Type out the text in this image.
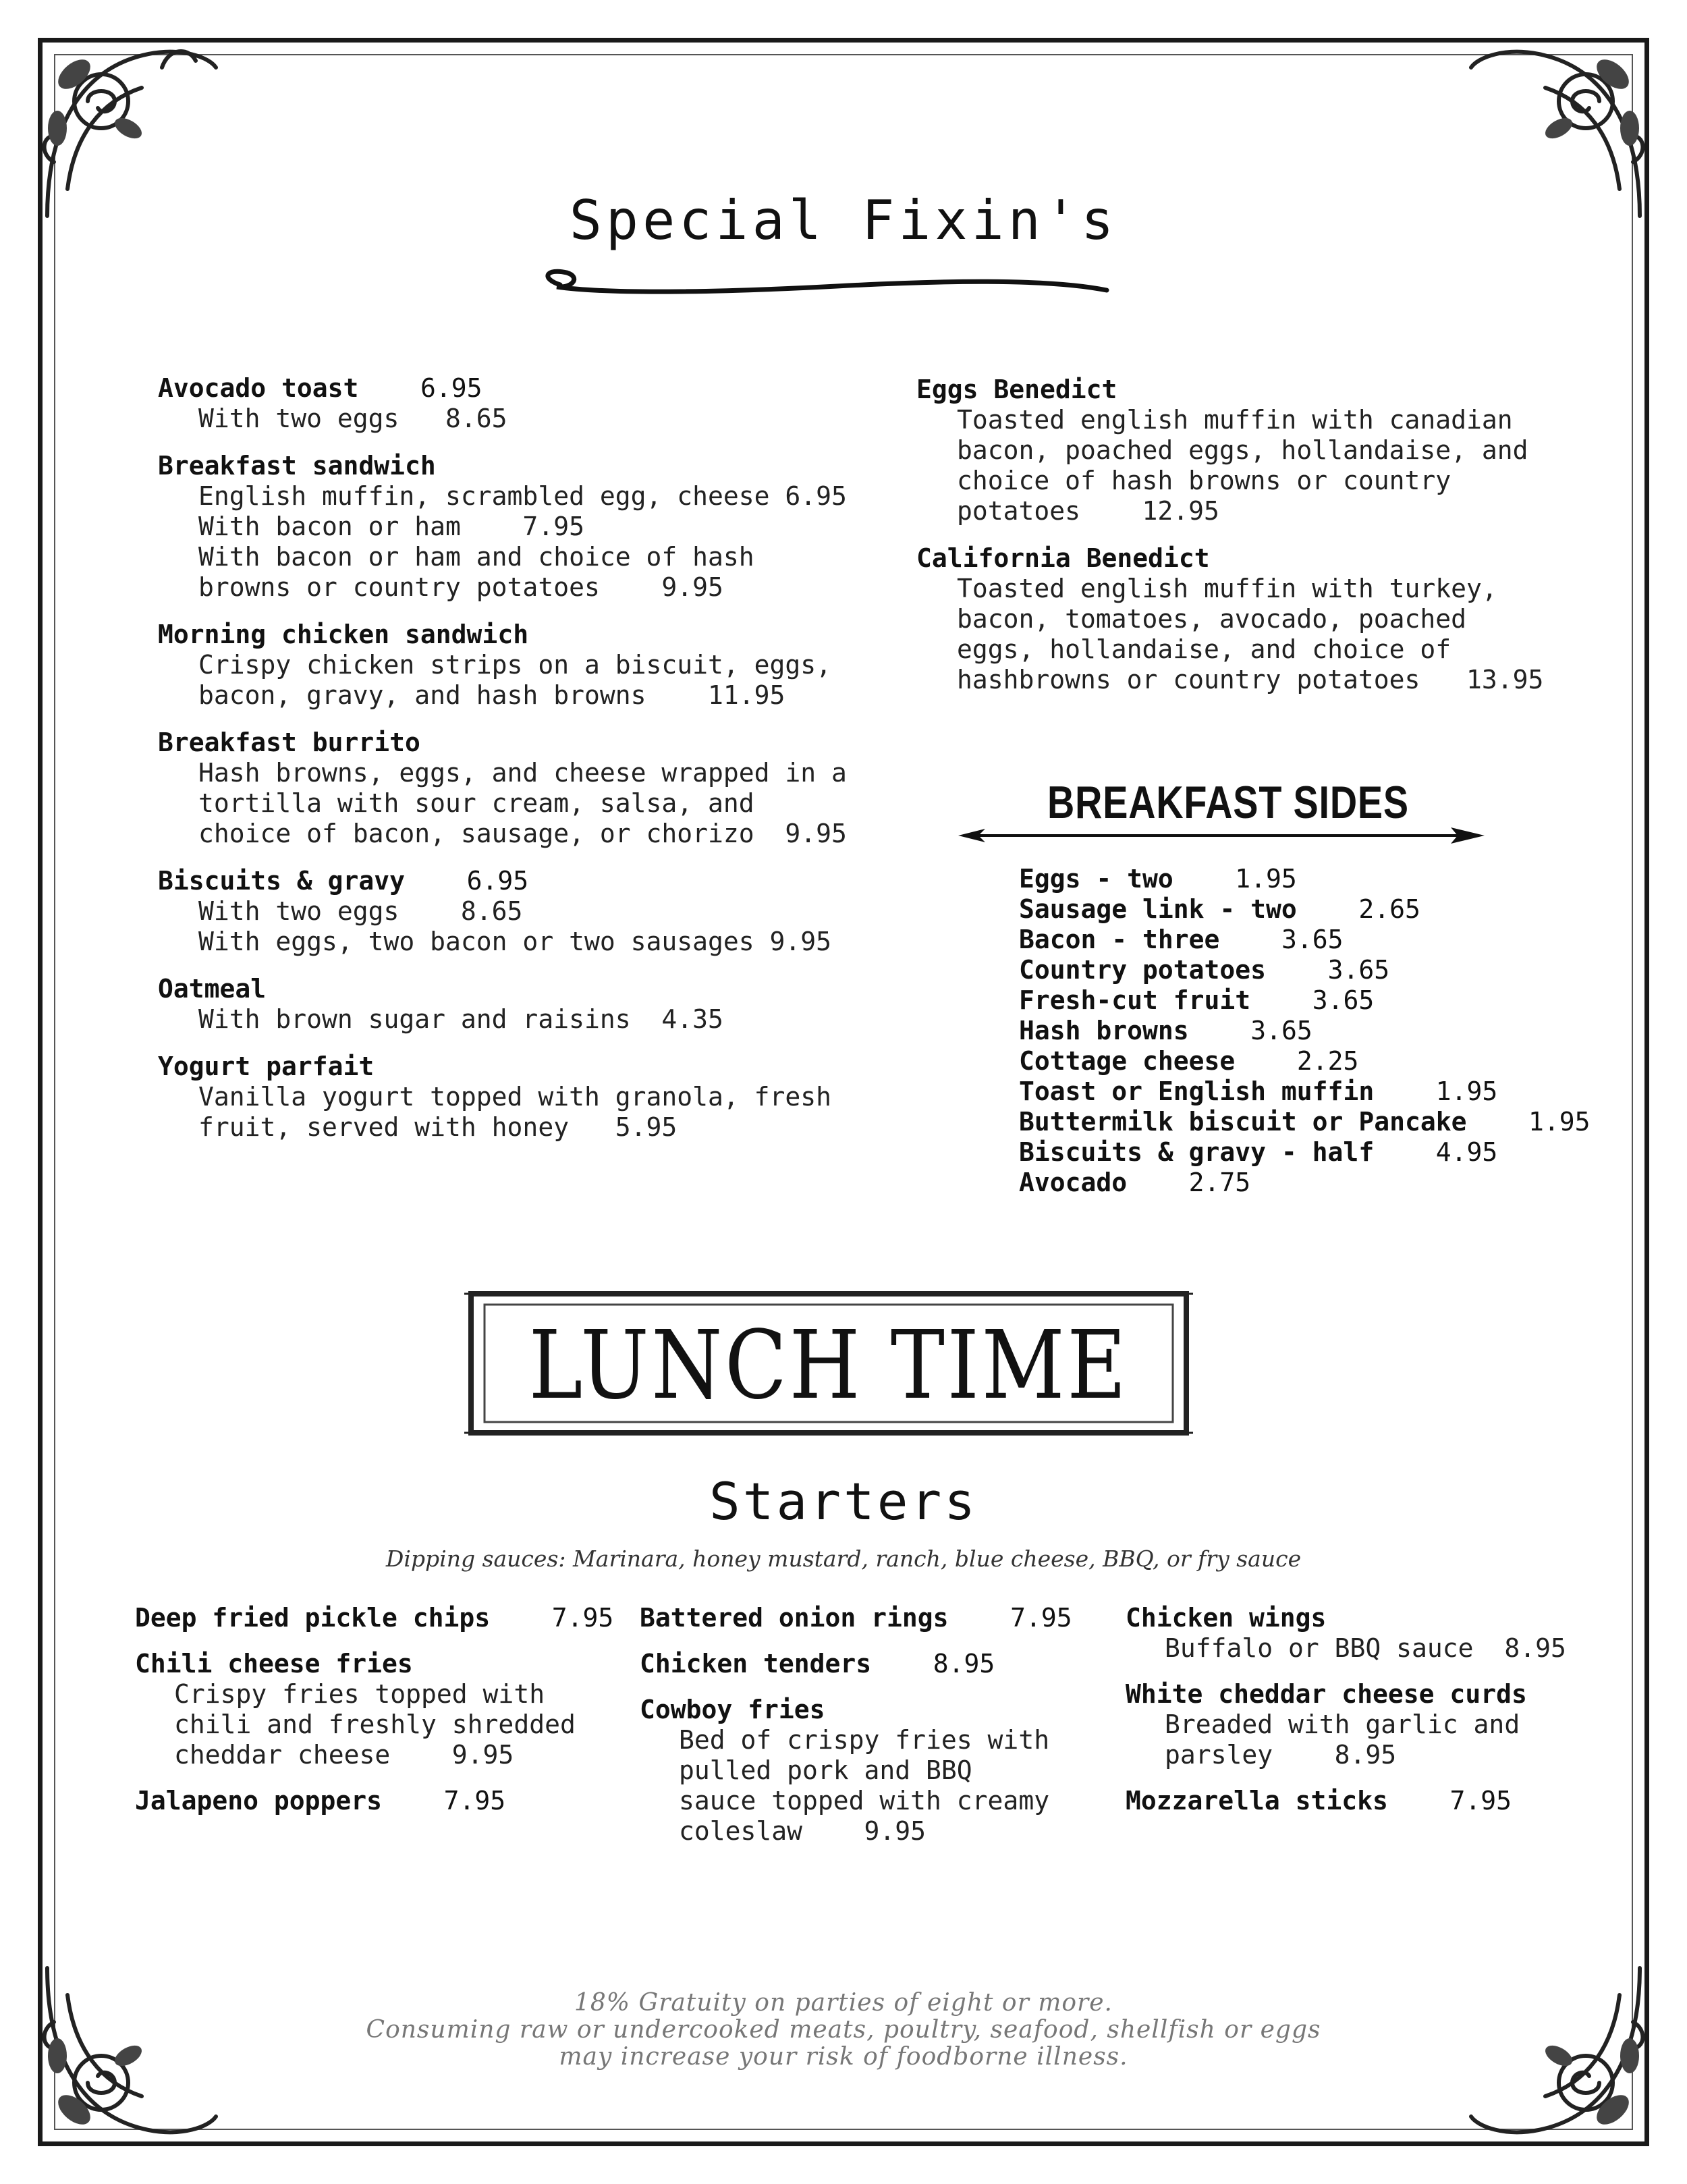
Special Fixin's
Avocado toast 6.95
With two eggs   8.65
Breakfast sandwich
English muffin, scrambled egg, cheese 6.95
With bacon or ham    7.95
With bacon or ham and choice of hash
browns or country potatoes    9.95
Morning chicken sandwich
Crispy chicken strips on a biscuit, eggs,
bacon, gravy, and hash browns    11.95
Breakfast burrito
Hash browns, eggs, and cheese wrapped in a
tortilla with sour cream, salsa, and
choice of bacon, sausage, or chorizo  9.95
Biscuits & gravy 6.95
With two eggs    8.65
With eggs, two bacon or two sausages 9.95
Oatmeal
With brown sugar and raisins  4.35
Yogurt parfait
Vanilla yogurt topped with granola, fresh
fruit, served with honey   5.95
Eggs Benedict
Toasted english muffin with canadian
bacon, poached eggs, hollandaise, and
choice of hash browns or country
potatoes    12.95
California Benedict
Toasted english muffin with turkey,
bacon, tomatoes, avocado, poached
eggs, hollandaise, and choice of
hashbrowns or country potatoes   13.95
BREAKFAST SIDES
Eggs - two 1.95
Sausage link - two 2.65
Bacon - three 3.65
Country potatoes 3.65
Fresh-cut fruit 3.65
Hash browns 3.65
Cottage cheese 2.25
Toast or English muffin 1.95
Buttermilk biscuit or Pancake 1.95
Biscuits & gravy - half 4.95
Avocado 2.75
LUNCH TIME
Starters
Dipping sauces: Marinara, honey mustard, ranch, blue cheese, BBQ, or fry sauce
Deep fried pickle chips 7.95
Chili cheese fries
Crispy fries topped with
chili and freshly shredded
cheddar cheese    9.95
Jalapeno poppers 7.95
Battered onion rings 7.95
Chicken tenders 8.95
Cowboy fries
Bed of crispy fries with
pulled pork and BBQ
sauce topped with creamy
coleslaw    9.95
Chicken wings
Buffalo or BBQ sauce  8.95
White cheddar cheese curds
Breaded with garlic and
parsley    8.95
Mozzarella sticks 7.95
18% Gratuity on parties of eight or more.
Consuming raw or undercooked meats, poultry, seafood, shellfish or eggs
may increase your risk of foodborne illness.
